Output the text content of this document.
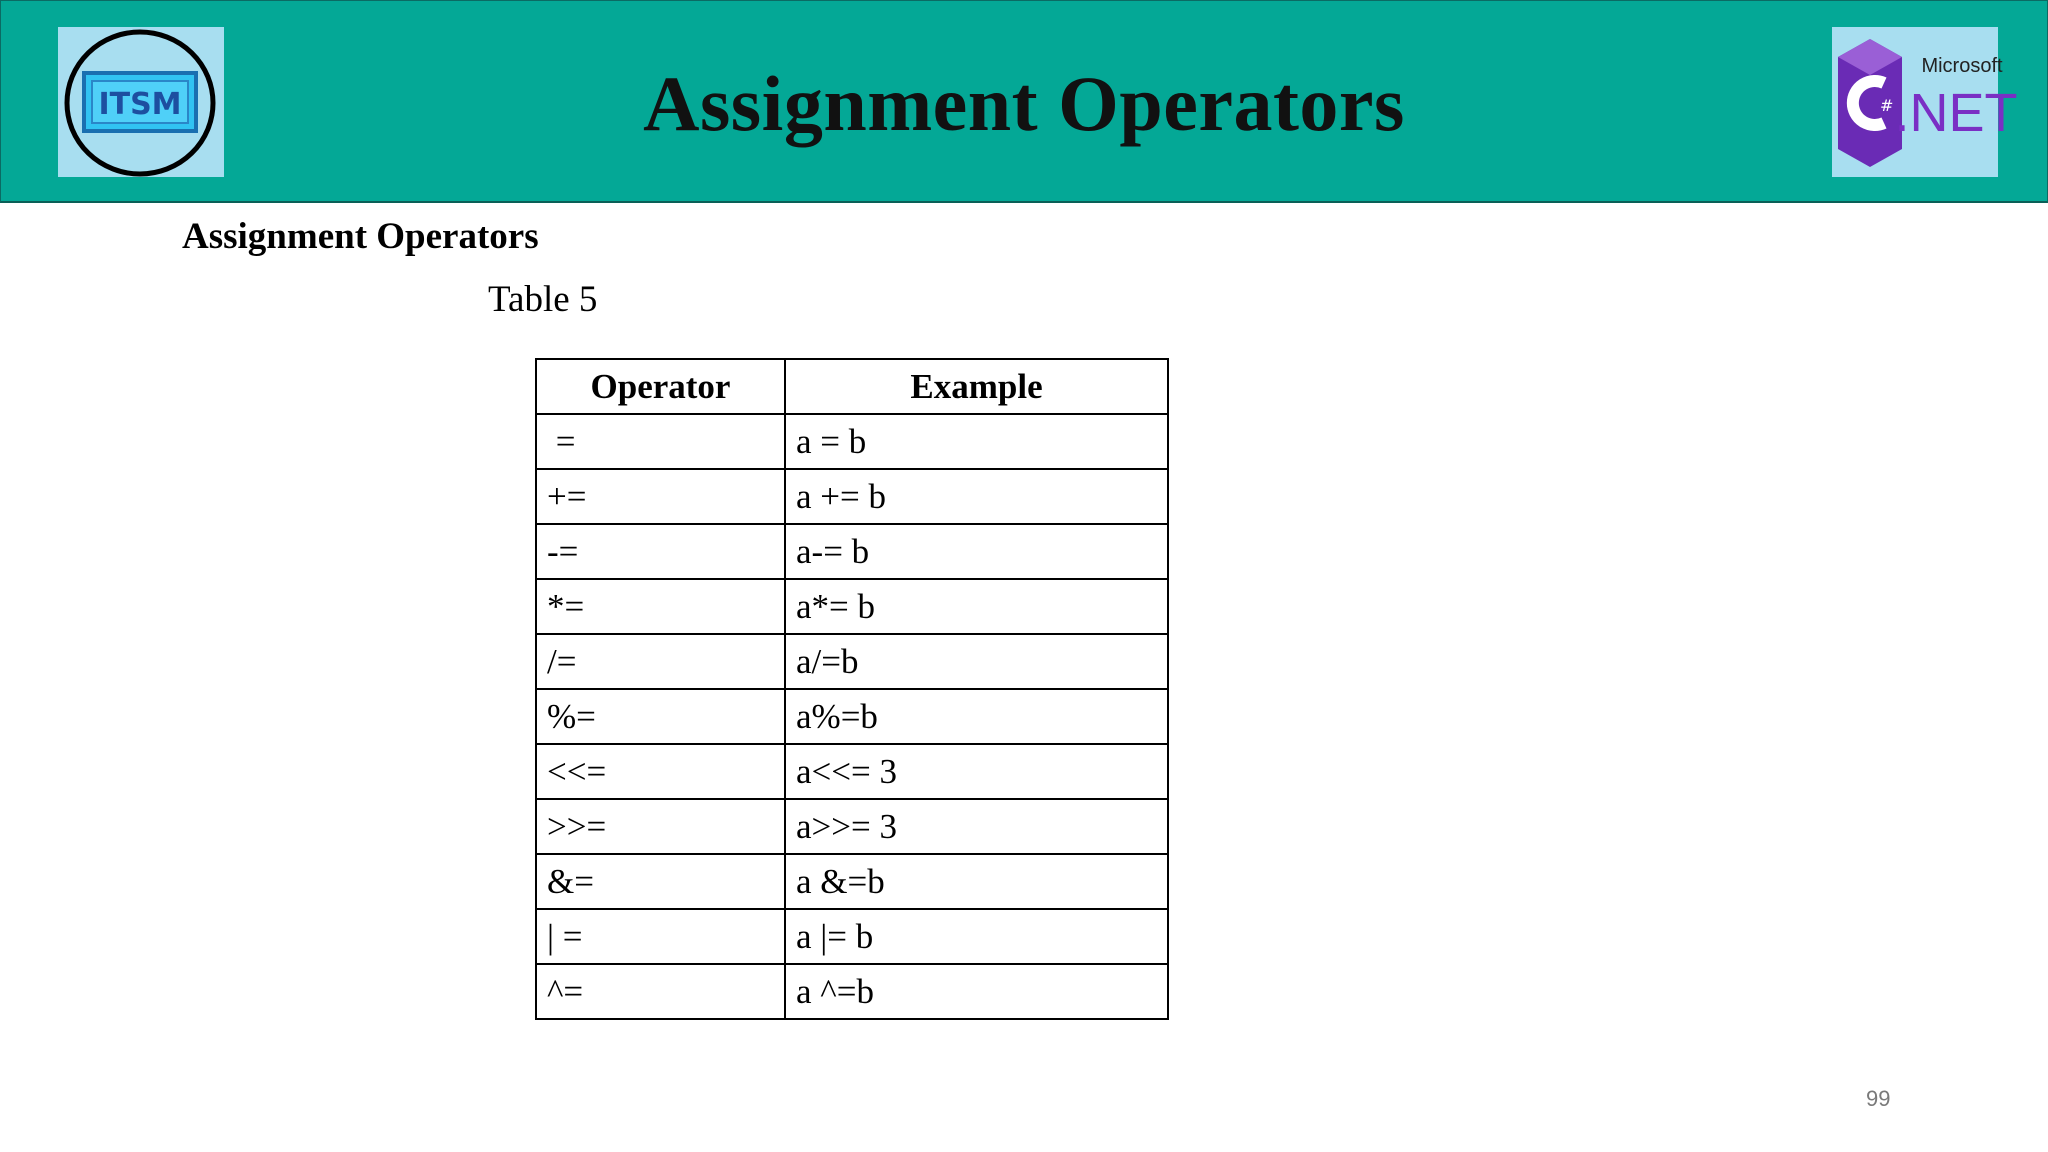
ITSM	Assignment Operators	#
Microsoft
.NET
Assignment Operators
Table 5
Operator	Example
=	a = b
+=	a += b
-=	a-= b
*=	a*= b
/=	a/=b
%=	a%=b
<<=	a<<= 3
>>=	a>>= 3
&=	a &=b
| =	a |= b
^=	a ^=b
99
